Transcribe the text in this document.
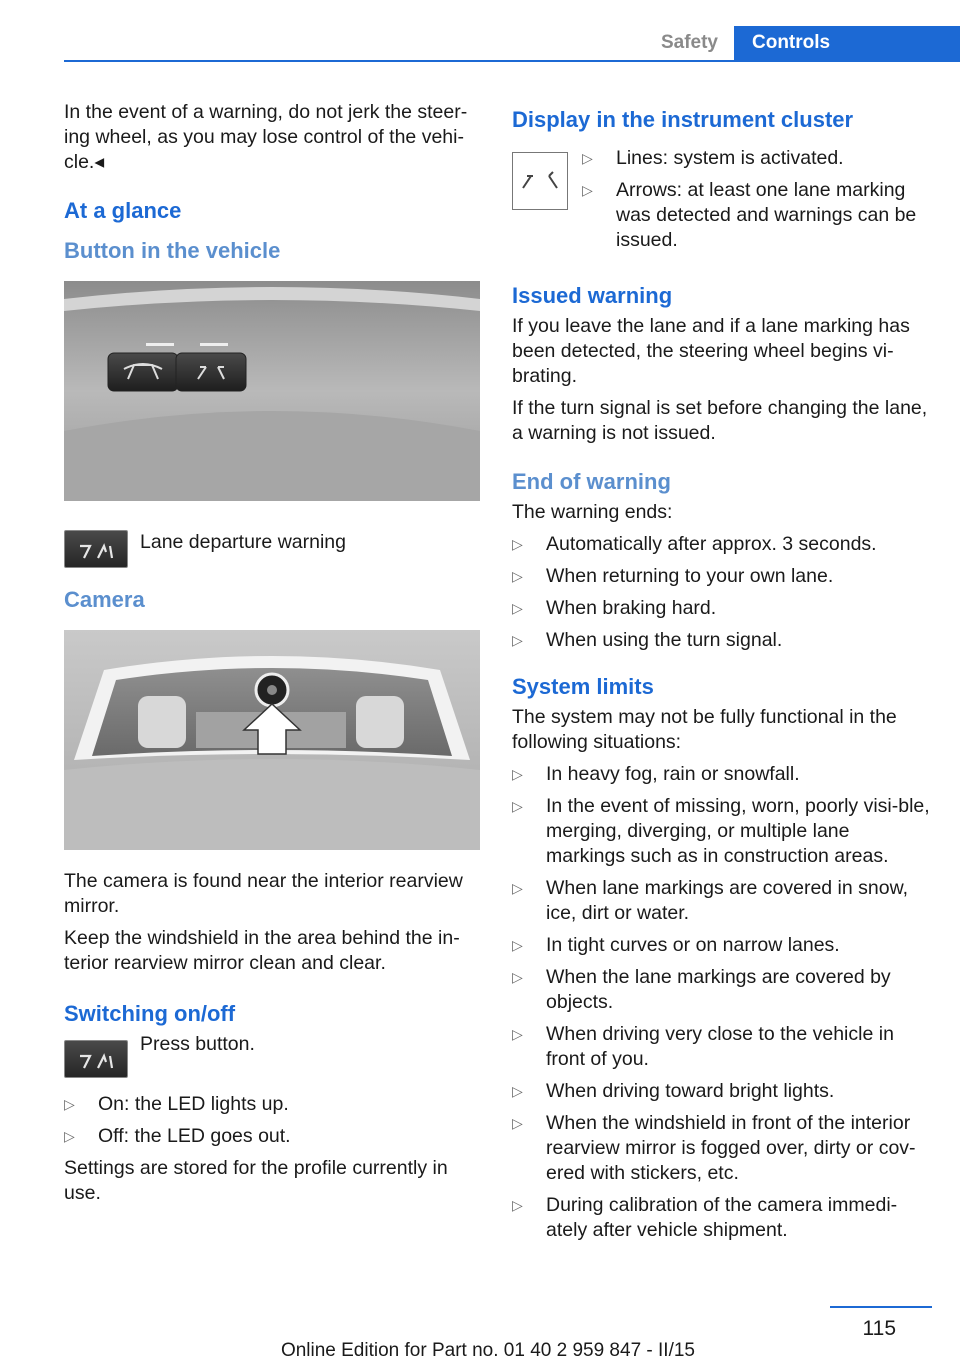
Safety	Controls

In the event of a warning, do not jerk the steer-ing wheel, as you may lose control of the vehi-cle.◂

At a glance
Button in the vehicle
Lane departure warning
Camera

The camera is found near the interior rearview mirror.

Keep the windshield in the area behind the in-terior rearview mirror clean and clear.

Switching on/off
Press button.
▷ On: the LED lights up.
▷ Off: the LED goes out.

Settings are stored for the profile currently in use.

Display in the instrument cluster
▷ Lines: system is activated.
▷ Arrows: at least one lane marking was detected and warnings can be issued.
Issued warning

If you leave the lane and if a lane marking has been detected, the steering wheel begins vi-brating.

If the turn signal is set before changing the lane, a warning is not issued.

End of warning

The warning ends:

▷ Automatically after approx. 3 seconds.
▷ When returning to your own lane.
▷ When braking hard.
▷ When using the turn signal.
System limits

The system may not be fully functional in the following situations:

▷ In heavy fog, rain or snowfall.
▷ In the event of missing, worn, poorly visi-ble, merging, diverging, or multiple lane markings such as in construction areas.
▷ When lane markings are covered in snow, ice, dirt or water.
▷ In tight curves or on narrow lanes.
▷ When the lane markings are covered by objects.
▷ When driving very close to the vehicle in front of you.
▷ When driving toward bright lights.
▷ When the windshield in front of the interior rearview mirror is fogged over, dirty or cov-ered with stickers, etc.
▷ During calibration of the camera immedi-ately after vehicle shipment.
115
Online Edition for Part no. 01 40 2 959 847 - II/15
